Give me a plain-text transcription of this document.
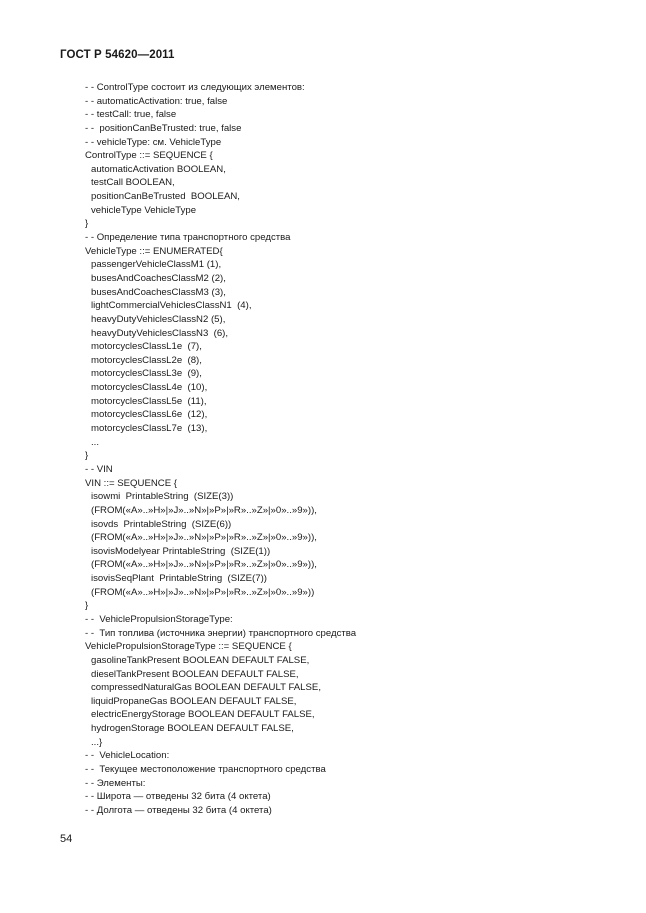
ГОСТ Р 54620—2011
- - ControlType состоит из следующих элементов:
- - automaticActivation: true, false
- - testCall: true, false
- -  positionCanBeTrusted: true, false
- - vehicleType: см. VehicleType
ControlType ::= SEQUENCE {
automaticActivation BOOLEAN,
testCall BOOLEAN,
positionCanBeTrusted  BOOLEAN,
vehicleType VehicleType
}
- - Определение типа транспортного средства
VehicleType ::= ENUMERATED{
passengerVehicleClassM1 (1),
busesAndCoachesClassM2 (2),
busesAndCoachesClassM3 (3),
lightCommercialVehiclesClassN1  (4),
heavyDutyVehiclesClassN2 (5),
heavyDutyVehiclesClassN3  (6),
motorcyclesClassL1e  (7),
motorcyclesClassL2e  (8),
motorcyclesClassL3e  (9),
motorcyclesClassL4e  (10),
motorcyclesClassL5e  (11),
motorcyclesClassL6e  (12),
motorcyclesClassL7e  (13),
...
}
- - VIN
VIN ::= SEQUENCE {
isowmi  PrintableString  (SIZE(3))
(FROM(«A»..»H»|»J»..»N»|»P»|»R»..»Z»|»0»..»9»)),
isovds  PrintableString  (SIZE(6))
(FROM(«A»..»H»|»J»..»N»|»P»|»R»..»Z»|»0»..»9»)),
isovisModelyear PrintableString  (SIZE(1))
(FROM(«A»..»H»|»J»..»N»|»P»|»R»..»Z»|»0»..»9»)),
isovisSeqPlant  PrintableString  (SIZE(7))
(FROM(«A»..»H»|»J»..»N»|»P»|»R»..»Z»|»0»..»9»))
}
- -  VehiclePropulsionStorageType:
- -  Тип топлива (источника энергии) транспортного средства
VehiclePropulsionStorageType ::= SEQUENCE {
gasolineTankPresent BOOLEAN DEFAULT FALSE,
dieselTankPresent BOOLEAN DEFAULT FALSE,
compressedNaturalGas BOOLEAN DEFAULT FALSE,
liquidPropaneGas BOOLEAN DEFAULT FALSE,
electricEnergyStorage BOOLEAN DEFAULT FALSE,
hydrogenStorage BOOLEAN DEFAULT FALSE,
...}
- -  VehicleLocation:
- -  Текущее местоположение транспортного средства
- - Элементы:
- - Широта — отведены 32 бита (4 октета)
- - Долгота — отведены 32 бита (4 октета)
54
